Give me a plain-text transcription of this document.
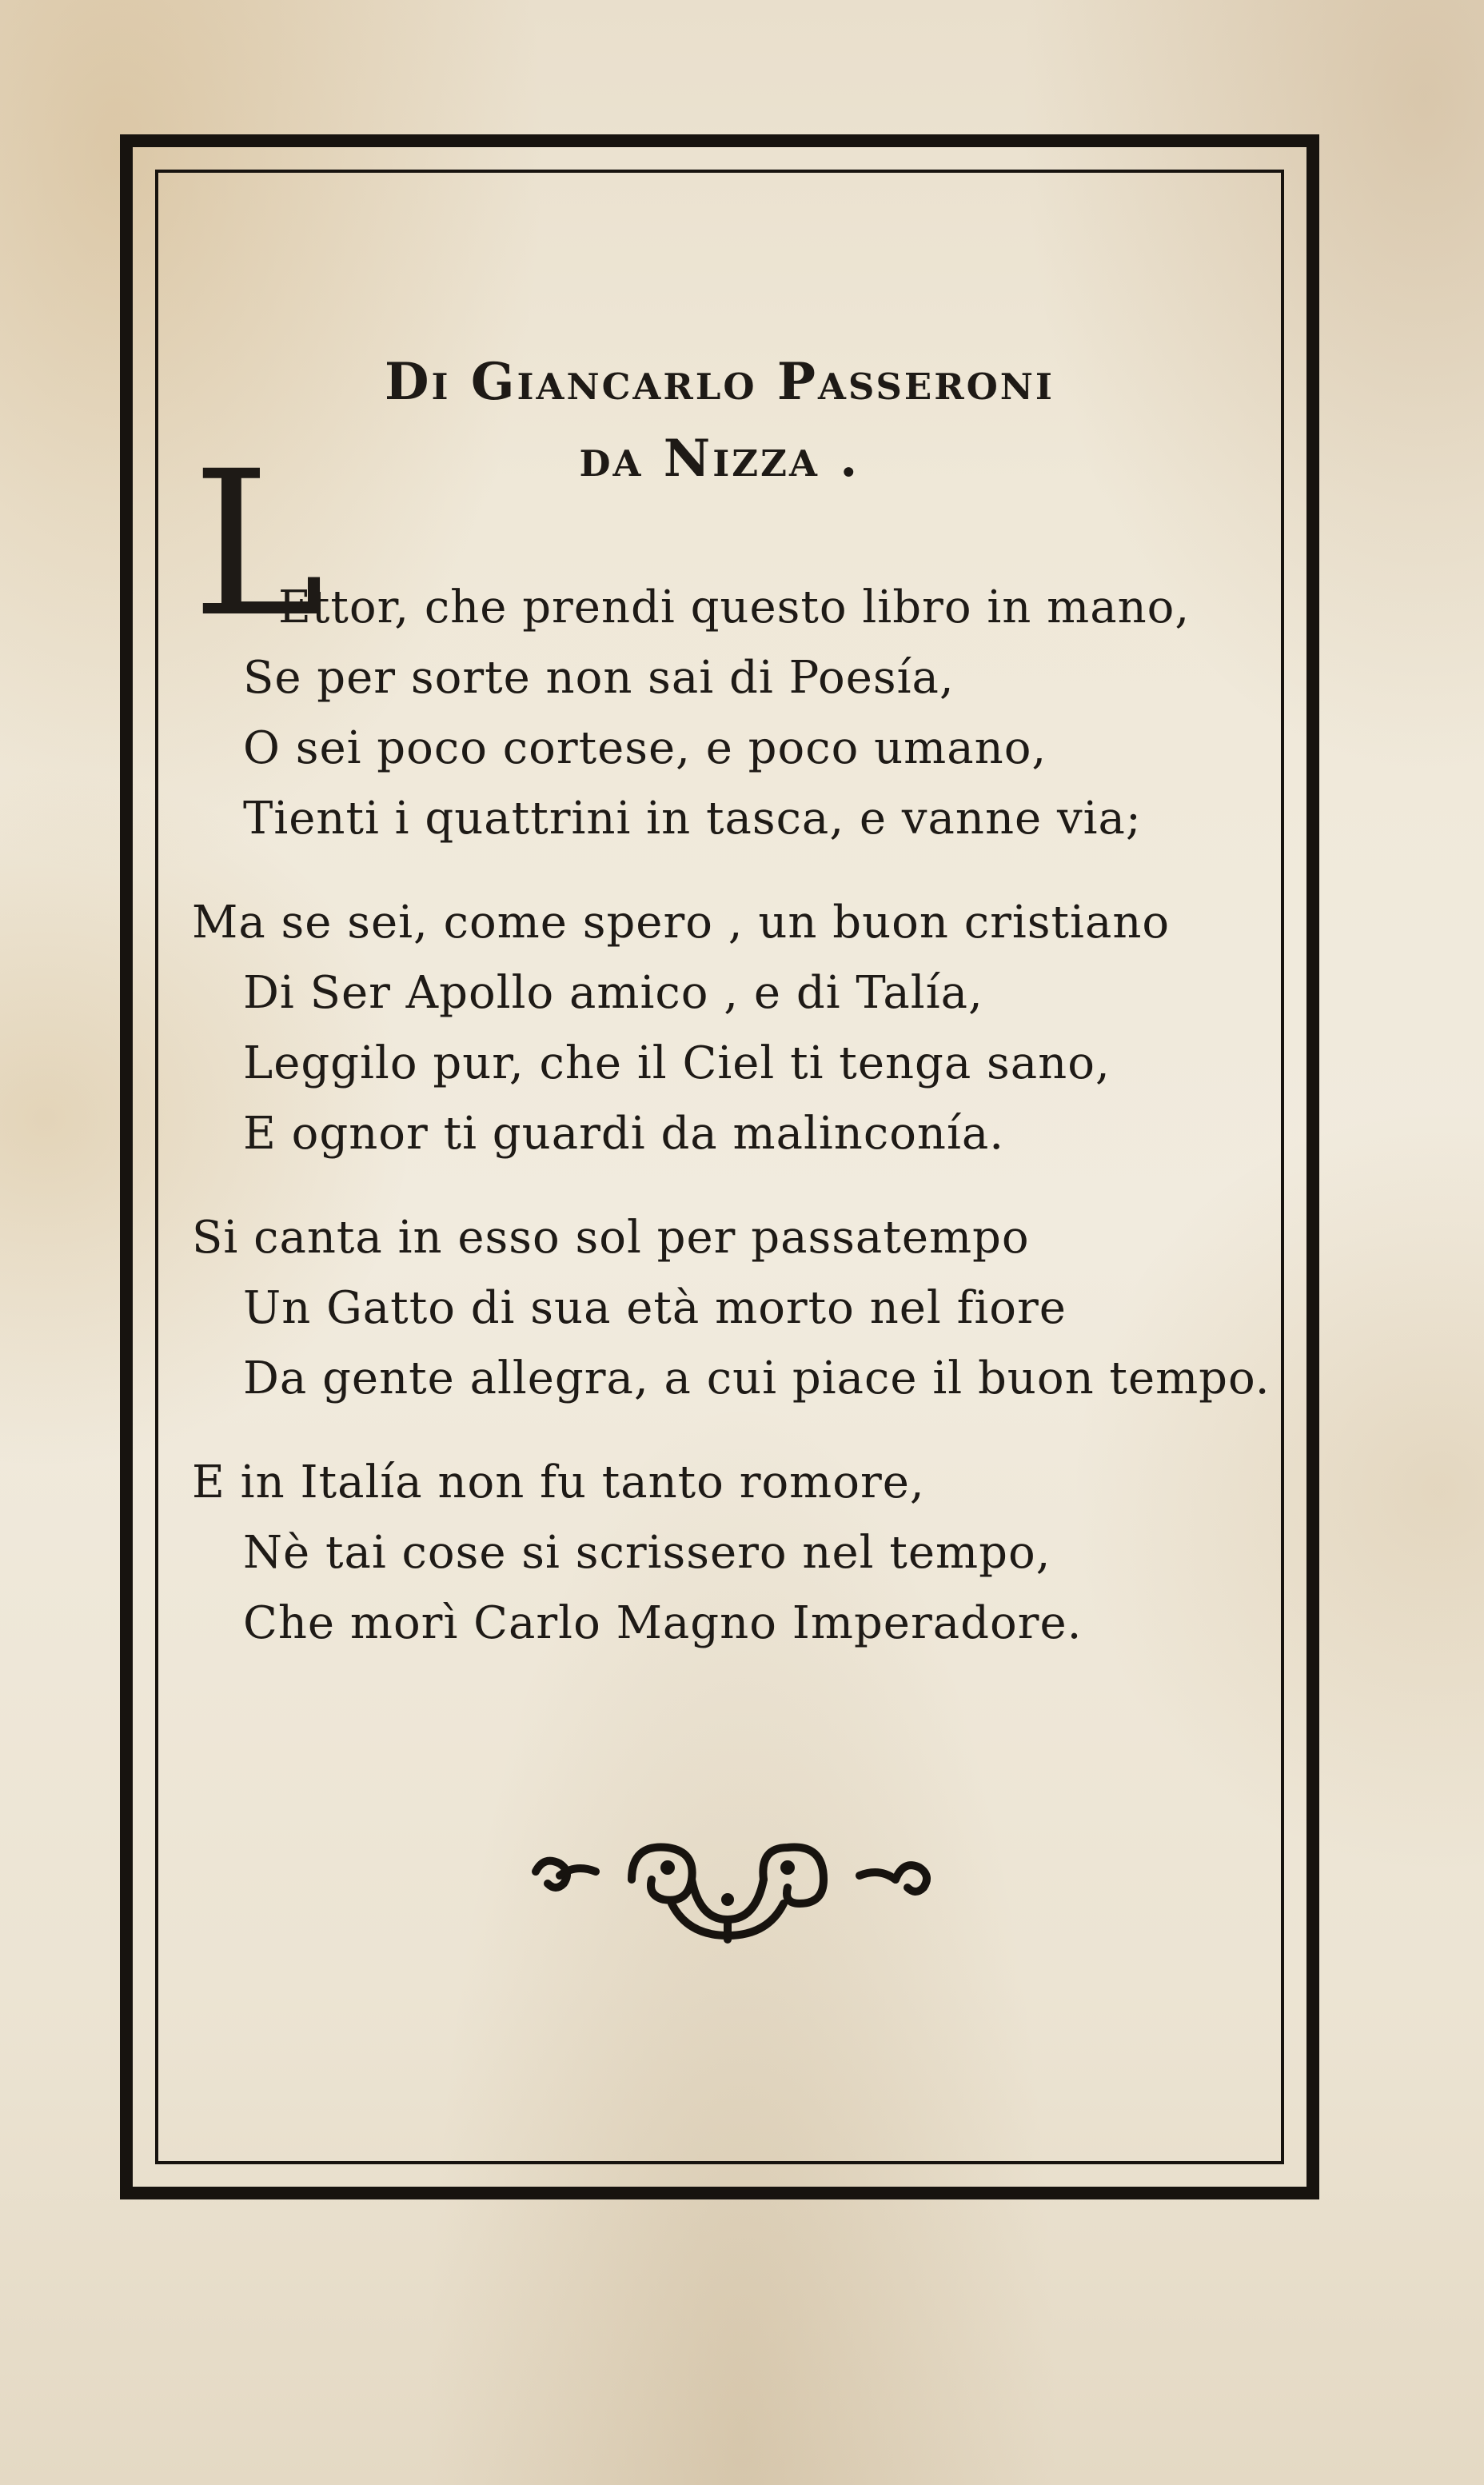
Di Giancarlo Passeroni
da Nizza .
L
Ettor, che prendi questo libro in mano,
Se per sorte non sai di Poesía,
O sei poco cortese, e poco umano,
Tienti i quattrini in tasca, e vanne via;
Ma se sei, come spero , un buon cristiano
Di Ser Apollo amico , e di Talía,
Leggilo pur, che il Ciel ti tenga sano,
E ognor ti guardi da malinconía.
Si canta in esso sol per passatempo
Un Gatto di sua età morto nel fiore
Da gente allegra, a cui piace il buon tempo.
E in Italía non fu tanto romore,
Nè tai cose si scrissero nel tempo,
Che morì Carlo Magno Imperadore.
